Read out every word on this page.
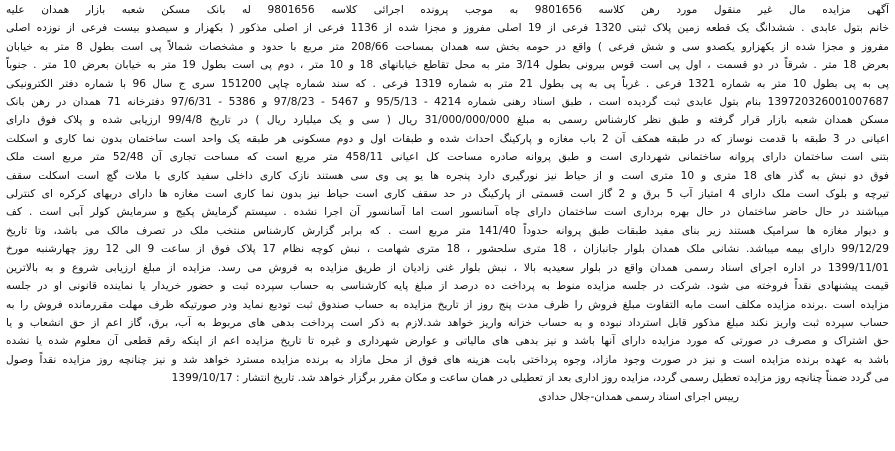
آگهی مزایده مال غیر منقول مورد رهن کلاسه 9801656 به موجب پرونده اجرائی کلاسه 9801656 له بانک مسکن شعبه بازار همدان علیه
خانم بتول عابدی . ششدانگ یک قطعه زمین پلاک ثبتی 1320 فرعی از 19 اصلی مفروز و مجزا شده از 1136 فرعی از اصلی مذکور ( بکهزار و سیصدو بیست فرعی از نوزده اصلی
مفروز و مجزا شده از یکهزارو یکصدو سی و شش فرعی ) واقع در حومه بخش سه همدان بمساحت 208/66 متر مربع با حدود و مشخصات شمالاً پی است بطول 8 متر به خیابان
بعرض 18 متر . شرقاً در دو قسمت ، اول پی است قوس بیرونی بطول 3/14 متر به محل تقاطع خیابانهای 18 و 10 متر ، دوم پی است بطول 19 متر به خیابان بعرض 10 متر . جنوباً
پی به پی بطول 10 متر به شماره 1321 فرعی . غرباً پی به پی بطول 21 متر به شماره 1319 فرعی . که سند شماره چاپی 151200 سری ج سال 96 با شماره دفتر الکترونیکی
139720326001007687 بنام بتول عابدی ثبت گردیده است ، طبق اسناد رهنی شماره 4214 - 95/5/13 و 5467 - 97/8/23 و 5386 - 97/6/31 دفترخانه 71 همدان در رهن بانک
مسکن همدان شعبه بازار قرار گرفته و طبق نظر کارشناس رسمی به مبلغ 31/000/000/000 ریال ( سی و یک میلیارد ریال ) در تاریخ 99/4/8 ارزیابی شده و پلاک فوق دارای
اعیانی در 3 طبقه با قدمت نوساز که در طبقه همکف آن 2 باب مغازه و پارکینگ احداث شده و طبقات اول و دوم مسکونی هر طبقه یک واحد است ساختمان بدون نما کاری و اسکلت
بتنی است ساختمان دارای پروانه ساختمانی شهرداری است و طبق پروانه صادره مساحت کل اعیانی 458/11 متر مربع است که مساحت تجاری آن 52/48 متر مربع است ملک
فوق دو نبش به گذر های 18 متری و 10 متری است و از حیاط نیز نورگیری دارد پنجره ها یو پی وی سی هستند نازک کاری داخلی سفید کاری با ملات گچ است اسکلت سقف
تیرچه و بلوک است ملک دارای 4 امتیاز آب 5 برق و 2 گاز است قسمتی از پارکینگ در حد سقف کاری است حیاط نیز بدون نما کاری است مغازه ها دارای دربهای کرکره ای کنترلی
میباشند در حال حاضر ساختمان در حال بهره برداری است ساختمان دارای چاه آسانسور است اما آسانسور آن اجرا نشده . سیستم گرمایش پکیج و سرمایش کولر آبی است . کف
و دیوار مغازه ها سرامیک هستند زیر بنای مفید طبقات طبق پروانه حدوداً 141/40 متر مربع است . که برابر گزارش کارشناس منتخب ملک در تصرف مالک می باشد، وتا تاریخ
99/12/29 دارای بیمه میباشد. نشانی ملک همدان بلوار جانبازان ، 18 متری سلحشور ، 18 متری شهامت ، نبش کوچه نظام 17 پلاک فوق از ساعت 9 الی 12 روز چهارشنبه مورخ
1399/11/01 در اداره اجرای اسناد رسمی همدان واقع در بلوار سعیدیه بالا ، نبش بلوار غنی زادیان از طریق مزایده به فروش می رسد. مزایده از مبلغ ارزیابی شروع و به بالاترین
قیمت پیشنهادی نقداً فروخته می شود. شرکت در جلسه مزایده منوط به پرداخت ده درصد از مبلغ پایه کارشناسی به حساب سپرده ثبت و حضور خریدار یا نماینده قانونی او در جلسه
مزایده است .برنده مزایده مکلف است مابه التفاوت مبلغ فروش را ظرف مدت پنج روز از تاریخ مزایده به حساب صندوق ثبت تودیع نماید ودر صورتیکه ظرف مهلت مقررمانده فروش را به
حساب سپرده ثبت واریز نکند مبلغ مذکور قابل استرداد نبوده و به حساب خزانه واریز خواهد شد.لازم به ذکر است پرداخت بدهی های مربوط به آب، برق، گاز اعم از حق انشعاب و یا
حق اشتراک و مصرف در صورتی که مورد مزایده دارای آنها باشد و نیز بدهی های مالیاتی و عوارض شهرداری و غیره تا تاریخ مزایده اعم از اینکه رقم قطعی آن معلوم شده یا نشده
باشد به عهده برنده مزایده است و نیز در صورت وجود مازاد، وجوه پرداختی بابت هزینه های فوق از محل مازاد به برنده مزایده مسترد خواهد شد و نیز چنانچه روز مزایده نقداً وصول
می گردد ضمناً چنانچه روز مزایده تعطیل رسمی گردد، مزایده روز اداری بعد از تعطیلی در همان ساعت و مکان مقرر برگزار خواهد شد. تاریخ انتشار : 1399/10/17
رییس اجرای اسناد رسمی همدان-جلال حدادی
